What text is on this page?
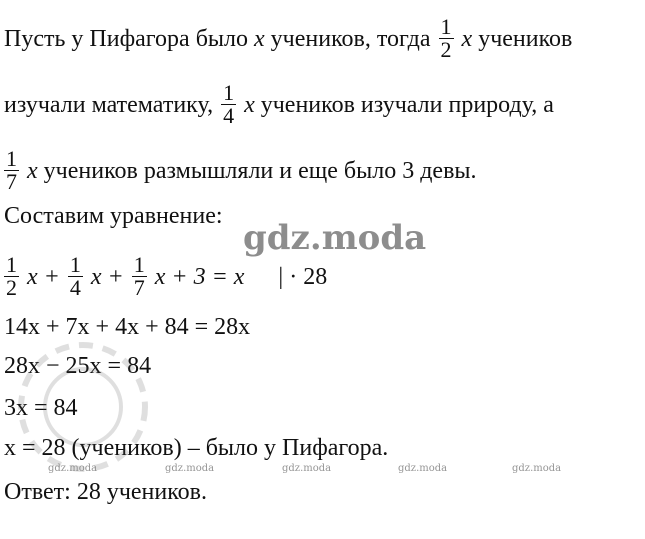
Пусть у Пифагора было x учеников, тогда $\frac{1}{2}$ x учеников
изучали математику, $\frac{1}{4}$ x учеников изучали природу, а
$\frac{1}{7}$ x учеников размышляли и еще было 3 девы.
Составим уравнение:
$\frac{1}{2}$ $x + \frac{1}{4}$ $x + \frac{1}{7}$ x + 3 = x | · 28
14x + 7x + 4x + 84 = 28x
28x − 25x = 84
3x = 84
x = 28 (учеников) – было у Пифагора.
Ответ: 28 учеников.
gdz.moda
gdz.moda	gdz.moda	gdz.moda	gdz.moda	gdz.moda
